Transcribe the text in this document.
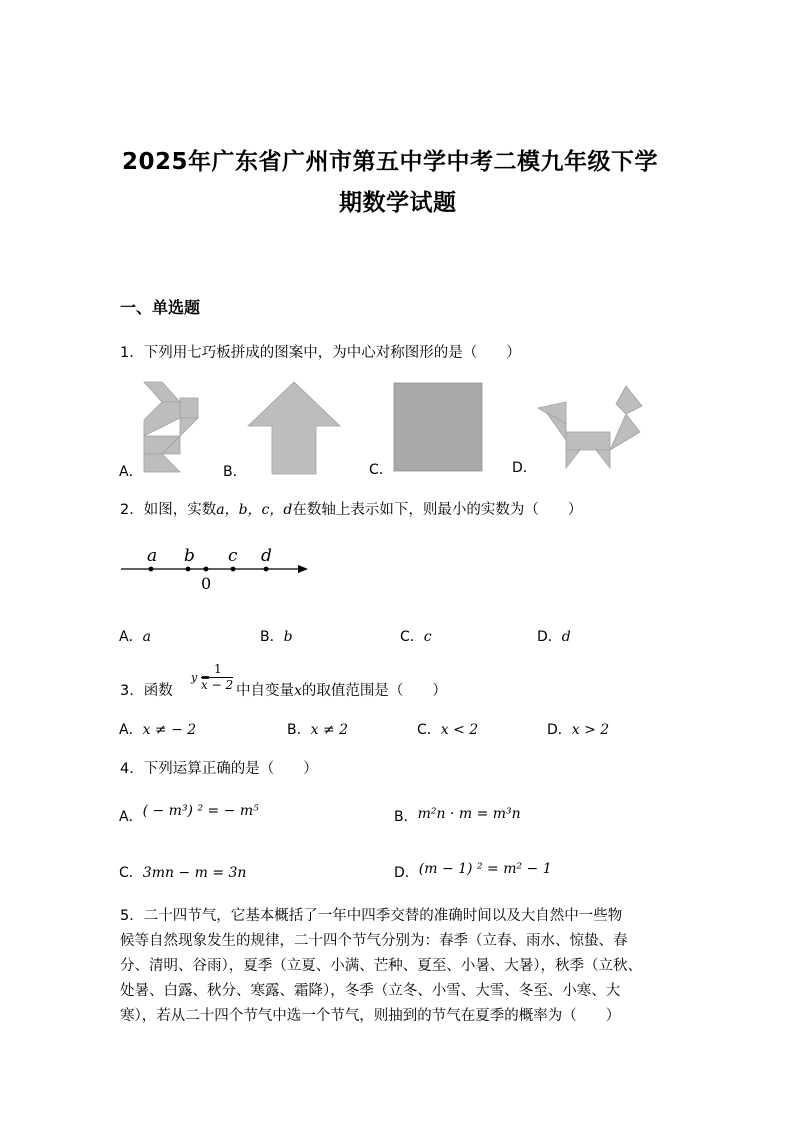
2025年广东省广州市第五中学中考二模九年级下学
期数学试题
一、单选题
1．下列用七巧板拼成的图案中，为中心对称图形的是（　　）
A．	B．	C．	D．
2．如图，实数a，b，c，d在数轴上表示如下，则最小的实数为（　　）
a b c d
0
A．a	B．b	C．c	D．d
3．函数
y =
1
x − 2 中自变量x的取值范围是（　　）
A．x ≠ − 2	B．x ≠ 2	C．x < 2	D．x > 2
4．下列运算正确的是（　　）
A．( − m³) ² = − m⁵	B．m²n · m = m³n
C．3mn − m = 3n	D．(m − 1) ² = m² − 1
5．二十四节气，它基本概括了一年中四季交替的准确时间以及大自然中一些物
候等自然现象发生的规律，二十四个节气分别为：春季（立春、雨水、惊蛰、春
分、清明、谷雨），夏季（立夏、小满、芒种、夏至、小暑、大暑），秋季（立秋、
处暑、白露、秋分、寒露、霜降），冬季（立冬、小雪、大雪、冬至、小寒、大
寒），若从二十四个节气中选一个节气，则抽到的节气在夏季的概率为（　　）
